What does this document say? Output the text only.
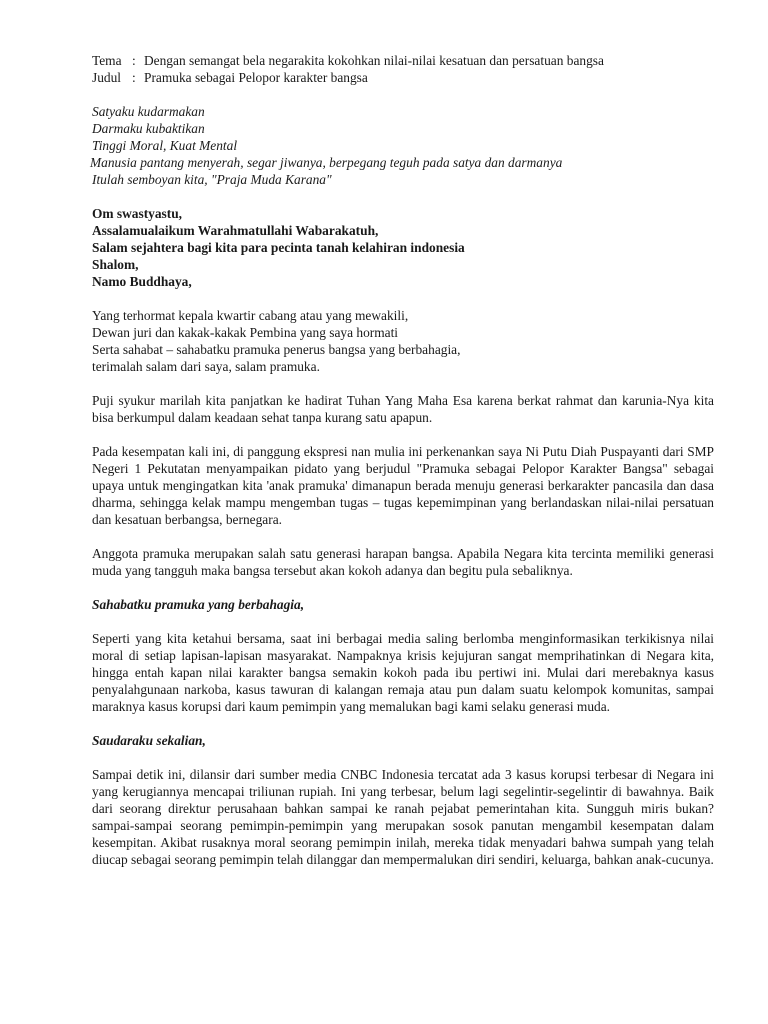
Tema : Dengan semangat bela negarakita kokohkan nilai-nilai kesatuan dan persatuan bangsa
Judul : Pramuka sebagai Pelopor karakter bangsa
Satyaku kudarmakan
Darmaku kubaktikan
Tinggi Moral, Kuat Mental
Manusia pantang menyerah, segar jiwanya, berpegang teguh pada satya dan darmanya
Itulah semboyan kita, "Praja Muda Karana"
Om swastyastu,
Assalamualaikum Warahmatullahi Wabarakatuh,
Salam sejahtera bagi kita para pecinta tanah kelahiran indonesia
Shalom,
Namo Buddhaya,
Yang terhormat kepala kwartir cabang atau yang mewakili,
Dewan juri dan kakak-kakak Pembina yang saya hormati
Serta sahabat – sahabatku pramuka penerus bangsa yang berbahagia,
terimalah salam dari saya, salam pramuka.
Puji syukur marilah kita panjatkan ke hadirat Tuhan Yang Maha Esa karena berkat rahmat dan karunia-Nya kita bisa berkumpul dalam keadaan sehat tanpa kurang satu apapun.
Pada kesempatan kali ini, di panggung ekspresi nan mulia ini perkenankan saya Ni Putu Diah Puspayanti dari SMP Negeri 1 Pekutatan menyampaikan pidato yang berjudul "Pramuka sebagai Pelopor Karakter Bangsa" sebagai upaya untuk mengingatkan kita 'anak pramuka' dimanapun berada menuju generasi berkarakter pancasila dan dasa dharma, sehingga kelak mampu mengemban tugas – tugas kepemimpinan yang berlandaskan nilai-nilai persatuan dan kesatuan berbangsa, bernegara.
Anggota pramuka merupakan salah satu generasi harapan bangsa. Apabila Negara kita tercinta memiliki generasi muda yang tangguh maka bangsa tersebut akan kokoh adanya dan begitu pula sebaliknya.
Sahabatku pramuka yang berbahagia,
Seperti yang kita ketahui bersama, saat ini berbagai media saling berlomba menginformasikan terkikisnya nilai moral di setiap lapisan-lapisan masyarakat. Nampaknya krisis kejujuran sangat memprihatinkan di Negara kita, hingga entah kapan nilai karakter bangsa semakin kokoh pada ibu pertiwi ini. Mulai dari merebaknya kasus penyalahgunaan narkoba, kasus tawuran di kalangan remaja atau pun dalam suatu kelompok komunitas, sampai maraknya kasus korupsi dari kaum pemimpin yang memalukan bagi kami selaku generasi muda.
Saudaraku sekalian,
Sampai detik ini, dilansir dari sumber media CNBC Indonesia tercatat ada 3 kasus korupsi terbesar di Negara ini yang kerugiannya mencapai triliunan rupiah. Ini yang terbesar, belum lagi segelintir-segelintir di bawahnya. Baik dari seorang direktur perusahaan bahkan sampai ke ranah pejabat pemerintahan kita. Sungguh miris bukan? sampai-sampai seorang pemimpin-pemimpin yang merupakan sosok panutan mengambil kesempatan dalam kesempitan. Akibat rusaknya moral seorang pemimpin inilah, mereka tidak menyadari bahwa sumpah yang telah diucap sebagai seorang pemimpin telah dilanggar dan mempermalukan diri sendiri, keluarga, bahkan anak-cucunya.
